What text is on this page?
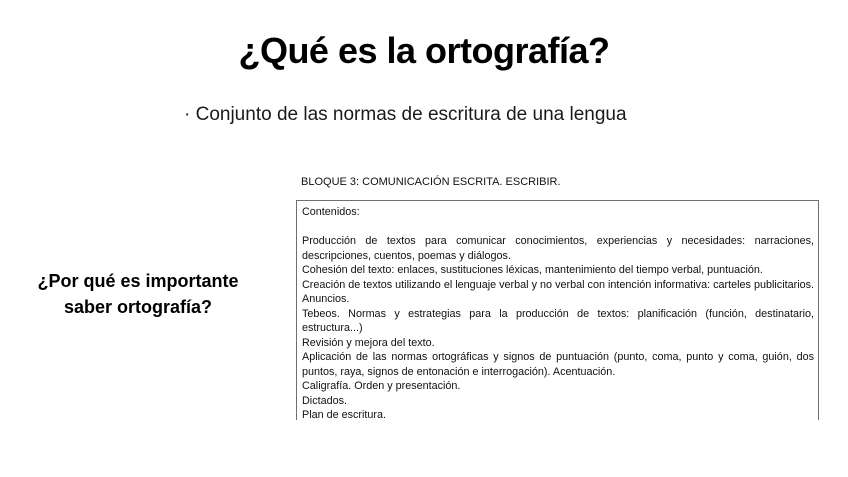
¿Qué es la ortografía?
· Conjunto de las normas de escritura de una lengua
¿Por qué es importante saber ortografía?
BLOQUE 3: COMUNICACIÓN ESCRITA. ESCRIBIR.

Contenidos:

Producción de textos para comunicar conocimientos, experiencias y necesidades: narraciones, descripciones, cuentos, poemas y diálogos.

Cohesión del texto: enlaces, sustituciones léxicas, mantenimiento del tiempo verbal, puntuación.

Creación de textos utilizando el lenguaje verbal y no verbal con intención informativa: carteles publicitarios. Anuncios.

Tebeos. Normas y estrategias para la producción de textos: planificación (función, destinatario, estructura...)

Revisión y mejora del texto.

Aplicación de las normas ortográficas y signos de puntuación (punto, coma, punto y coma, guión, dos puntos, raya, signos de entonación e interrogación). Acentuación.

Caligrafía. Orden y presentación.

Dictados.

Plan de escritura.
